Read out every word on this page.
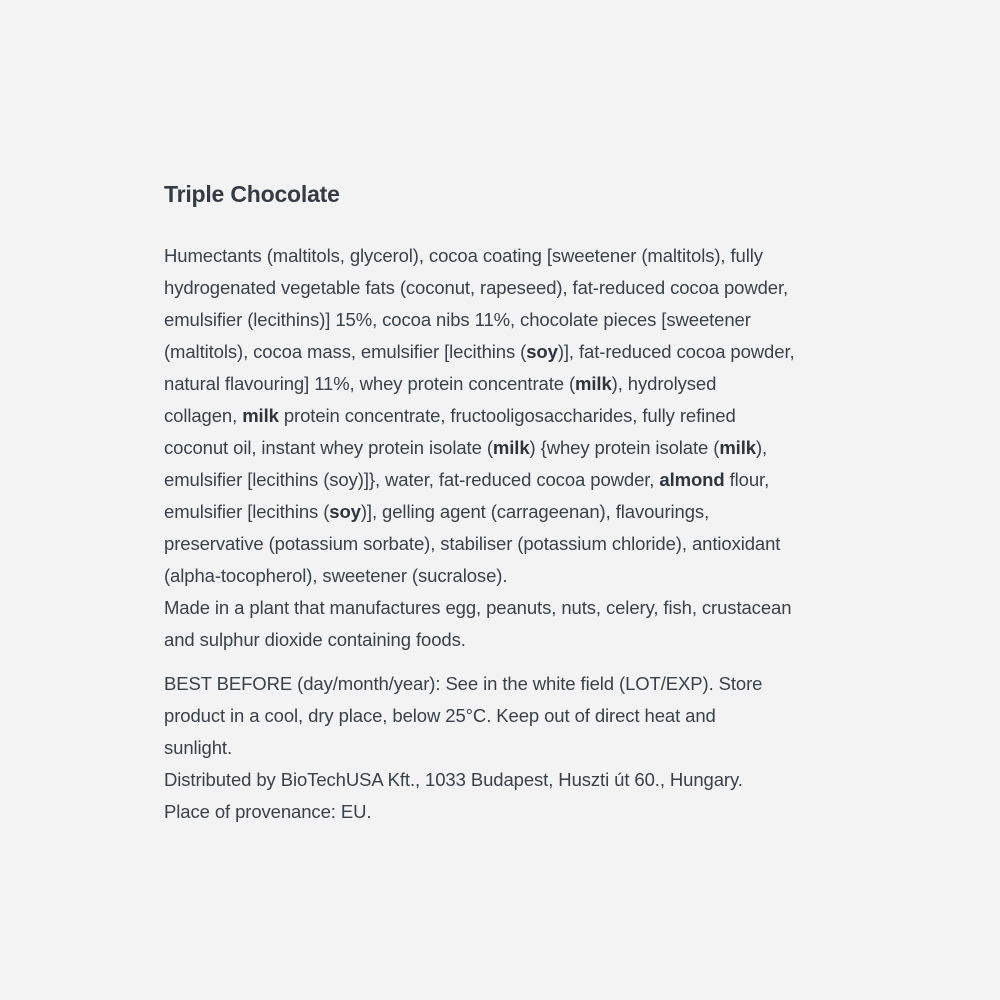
Triple Chocolate

Humectants (maltitols, glycerol), cocoa coating [sweetener (maltitols), fully
hydrogenated vegetable fats (coconut, rapeseed), fat-reduced cocoa powder,
emulsifier (lecithins)] 15%, cocoa nibs 11%, chocolate pieces [sweetener
(maltitols), cocoa mass, emulsifier [lecithins (soy)], fat-reduced cocoa powder,
natural flavouring] 11%, whey protein concentrate (milk), hydrolysed
collagen, milk protein concentrate, fructooligosaccharides, fully refined
coconut oil, instant whey protein isolate (milk) {whey protein isolate (milk),
emulsifier [lecithins (soy)]}, water, fat-reduced cocoa powder, almond flour,
emulsifier [lecithins (soy)], gelling agent (carrageenan), flavourings,
preservative (potassium sorbate), stabiliser (potassium chloride), antioxidant
(alpha-tocopherol), sweetener (sucralose).
Made in a plant that manufactures egg, peanuts, nuts, celery, fish, crustacean
and sulphur dioxide containing foods.

BEST BEFORE (day/month/year): See in the white field (LOT/EXP). Store
product in a cool, dry place, below 25°C. Keep out of direct heat and
sunlight.
Distributed by BioTechUSA Kft., 1033 Budapest, Huszti út 60., Hungary.
Place of provenance: EU.
